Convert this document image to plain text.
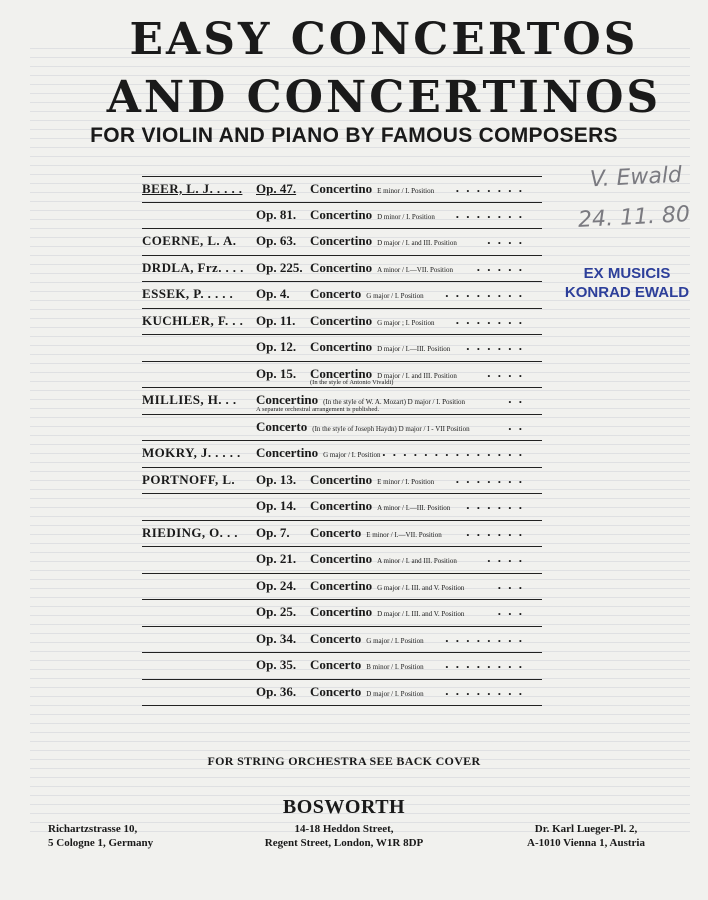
EASY CONCERTOS
AND CONCERTINOS
FOR VIOLIN AND PIANO BY FAMOUS COMPOSERS
V. Ewald
24. 11. 80
EX MUSICIS
KONRAD EWALD
BEER, L. J. . . . . Op. 47. Concertino E minor / I. Position . . . . . . .
Op. 81. Concertino D minor / I. Position . . . . . . .
COERNE, L. A. Op. 63. Concertino D major / I. and III. Position . . . .
DRDLA, Frz. . . . Op. 225. Concertino A minor / I.—VII. Position . . . . .
ESSEK, P. . . . . Op. 4. Concerto G major / I. Position . . . . . . . .
KUCHLER, F. . . Op. 11. Concertino G major ; I. Position . . . . . . .
Op. 12. Concertino D major / I.—III. Position . . . . . .
Op. 15. Concertino D major / I. and III. Position . . . .
(In the style of Antonio Vivaldi)
MILLIES, H. . . Concertino (In the style of W. A. Mozart) D major / I. Position	. .
A separate orchestral arrangement is published.
Concerto (In the style of Joseph Haydn) D major / I - VII Position	. .
MOKRY, J. . . . . Concertino G major / I. Position . . . . . . . . . . . . . .
PORTNOFF, L. Op. 13. Concertino E minor / I. Position . . . . . . .
Op. 14. Concertino A minor / I.—III. Position . . . . . .
RIEDING, O. . . Op. 7. Concerto E minor / I.—VII. Position . . . . . .
Op. 21. Concertino A minor / I. and III. Position . . . .
Op. 24. Concertino G major / I. III. and V. Position	. . .
Op. 25. Concertino D major / I. III. and V. Position	. . .
Op. 34. Concerto G major / I. Position . . . . . . . .
Op. 35. Concerto B minor / I. Position . . . . . . . .
Op. 36. Concerto D major / I. Position . . . . . . . .
FOR STRING ORCHESTRA SEE BACK COVER
BOSWORTH
Richartzstrasse 10,
5 Cologne 1, Germany
14-18 Heddon Street,
Regent Street, London, W1R 8DP
Dr. Karl Lueger-Pl. 2,
A-1010 Vienna 1, Austria
